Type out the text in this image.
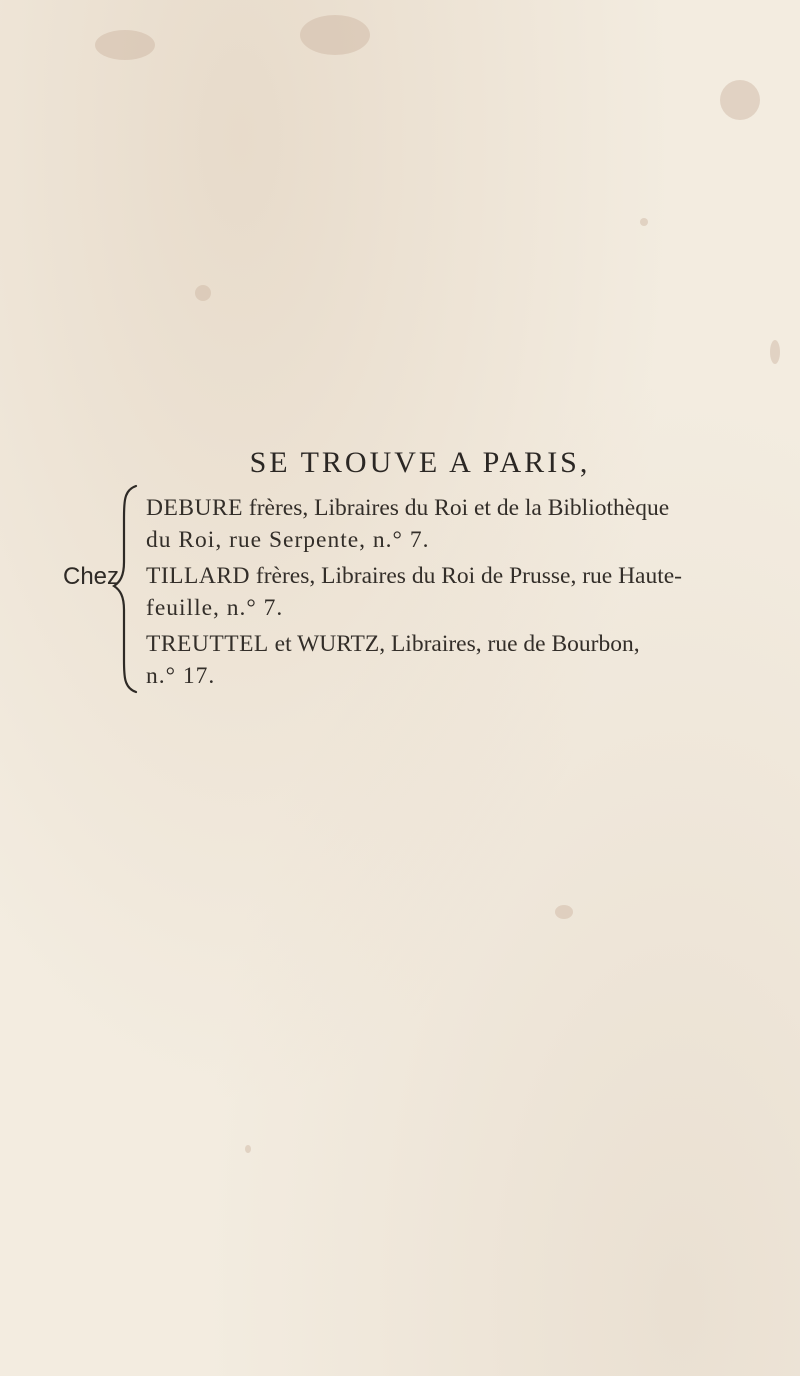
SE TROUVE A PARIS,
Chez
DEBURE frères, Libraires du Roi et de la Bibliothèque
du Roi, rue Serpente, n.° 7.
TILLARD frères, Libraires du Roi de Prusse, rue Haute-
feuille, n.° 7.
TREUTTEL et WURTZ, Libraires, rue de Bourbon,
n.° 17.
